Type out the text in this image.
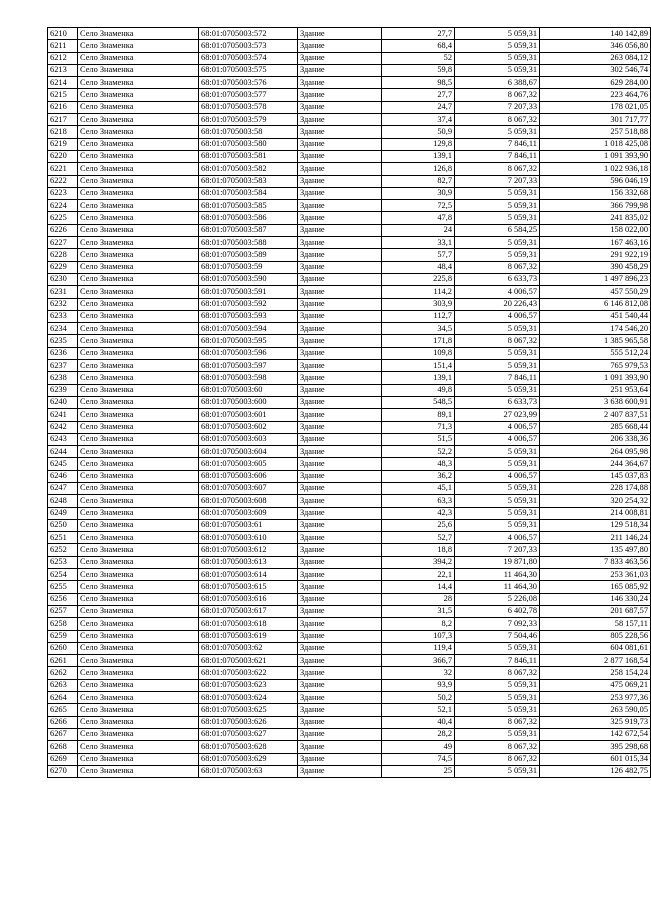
6210	Село Знаменка	68:01:0705003:572	Здание	27,7	5 059,31	140 142,89
6211	Село Знаменка	68:01:0705003:573	Здание	68,4	5 059,31	346 056,80
6212	Село Знаменка	68:01:0705003:574	Здание	52	5 059,31	263 084,12
6213	Село Знаменка	68:01:0705003:575	Здание	59,8	5 059,31	302 546,74
6214	Село Знаменка	68:01:0705003:576	Здание	98,5	6 388,67	629 284,00
6215	Село Знаменка	68:01:0705003:577	Здание	27,7	8 067,32	223 464,76
6216	Село Знаменка	68:01:0705003:578	Здание	24,7	7 207,33	178 021,05
6217	Село Знаменка	68:01:0705003:579	Здание	37,4	8 067,32	301 717,77
6218	Село Знаменка	68:01:0705003:58	Здание	50,9	5 059,31	257 518,88
6219	Село Знаменка	68:01:0705003:580	Здание	129,8	7 846,11	1 018 425,08
6220	Село Знаменка	68:01:0705003:581	Здание	139,1	7 846,11	1 091 393,90
6221	Село Знаменка	68:01:0705003:582	Здание	126,8	8 067,32	1 022 936,18
6222	Село Знаменка	68:01:0705003:583	Здание	82,7	7 207,33	596 046,19
6223	Село Знаменка	68:01:0705003:584	Здание	30,9	5 059,31	156 332,68
6224	Село Знаменка	68:01:0705003:585	Здание	72,5	5 059,31	366 799,98
6225	Село Знаменка	68:01:0705003:586	Здание	47,8	5 059,31	241 835,02
6226	Село Знаменка	68:01:0705003:587	Здание	24	6 584,25	158 022,00
6227	Село Знаменка	68:01:0705003:588	Здание	33,1	5 059,31	167 463,16
6228	Село Знаменка	68:01:0705003:589	Здание	57,7	5 059,31	291 922,19
6229	Село Знаменка	68:01:0705003:59	Здание	48,4	8 067,32	390 458,29
6230	Село Знаменка	68:01:0705003:590	Здание	225,8	6 633,73	1 497 896,23
6231	Село Знаменка	68:01:0705003:591	Здание	114,2	4 006,57	457 550,29
6232	Село Знаменка	68:01:0705003:592	Здание	303,9	20 226,43	6 146 812,08
6233	Село Знаменка	68:01:0705003:593	Здание	112,7	4 006,57	451 540,44
6234	Село Знаменка	68:01:0705003:594	Здание	34,5	5 059,31	174 546,20
6235	Село Знаменка	68:01:0705003:595	Здание	171,8	8 067,32	1 385 965,58
6236	Село Знаменка	68:01:0705003:596	Здание	109,8	5 059,31	555 512,24
6237	Село Знаменка	68:01:0705003:597	Здание	151,4	5 059,31	765 979,53
6238	Село Знаменка	68:01:0705003:598	Здание	139,1	7 846,11	1 091 393,90
6239	Село Знаменка	68:01:0705003:60	Здание	49,8	5 059,31	251 953,64
6240	Село Знаменка	68:01:0705003:600	Здание	548,5	6 633,73	3 638 600,91
6241	Село Знаменка	68:01:0705003:601	Здание	89,1	27 023,99	2 407 837,51
6242	Село Знаменка	68:01:0705003:602	Здание	71,3	4 006,57	285 668,44
6243	Село Знаменка	68:01:0705003:603	Здание	51,5	4 006,57	206 338,36
6244	Село Знаменка	68:01:0705003:604	Здание	52,2	5 059,31	264 095,98
6245	Село Знаменка	68:01:0705003:605	Здание	48,3	5 059,31	244 364,67
6246	Село Знаменка	68:01:0705003:606	Здание	36,2	4 006,57	145 037,83
6247	Село Знаменка	68:01:0705003:607	Здание	45,1	5 059,31	228 174,88
6248	Село Знаменка	68:01:0705003:608	Здание	63,3	5 059,31	320 254,32
6249	Село Знаменка	68:01:0705003:609	Здание	42,3	5 059,31	214 008,81
6250	Село Знаменка	68:01:0705003:61	Здание	25,6	5 059,31	129 518,34
6251	Село Знаменка	68:01:0705003:610	Здание	52,7	4 006,57	211 146,24
6252	Село Знаменка	68:01:0705003:612	Здание	18,8	7 207,33	135 497,80
6253	Село Знаменка	68:01:0705003:613	Здание	394,2	19 871,80	7 833 463,56
6254	Село Знаменка	68:01:0705003:614	Здание	22,1	11 464,30	253 361,03
6255	Село Знаменка	68:01:0705003:615	Здание	14,4	11 464,30	165 085,92
6256	Село Знаменка	68:01:0705003:616	Здание	28	5 226,08	146 330,24
6257	Село Знаменка	68:01:0705003:617	Здание	31,5	6 402,78	201 687,57
6258	Село Знаменка	68:01:0705003:618	Здание	8,2	7 092,33	58 157,11
6259	Село Знаменка	68:01:0705003:619	Здание	107,3	7 504,46	805 228,56
6260	Село Знаменка	68:01:0705003:62	Здание	119,4	5 059,31	604 081,61
6261	Село Знаменка	68:01:0705003:621	Здание	366,7	7 846,11	2 877 168,54
6262	Село Знаменка	68:01:0705003:622	Здание	32	8 067,32	258 154,24
6263	Село Знаменка	68:01:0705003:623	Здание	93,9	5 059,31	475 069,21
6264	Село Знаменка	68:01:0705003:624	Здание	50,2	5 059,31	253 977,36
6265	Село Знаменка	68:01:0705003:625	Здание	52,1	5 059,31	263 590,05
6266	Село Знаменка	68:01:0705003:626	Здание	40,4	8 067,32	325 919,73
6267	Село Знаменка	68:01:0705003:627	Здание	28,2	5 059,31	142 672,54
6268	Село Знаменка	68:01:0705003:628	Здание	49	8 067,32	395 298,68
6269	Село Знаменка	68:01:0705003:629	Здание	74,5	8 067,32	601 015,34
6270	Село Знаменка	68:01:0705003:63	Здание	25	5 059,31	126 482,75
